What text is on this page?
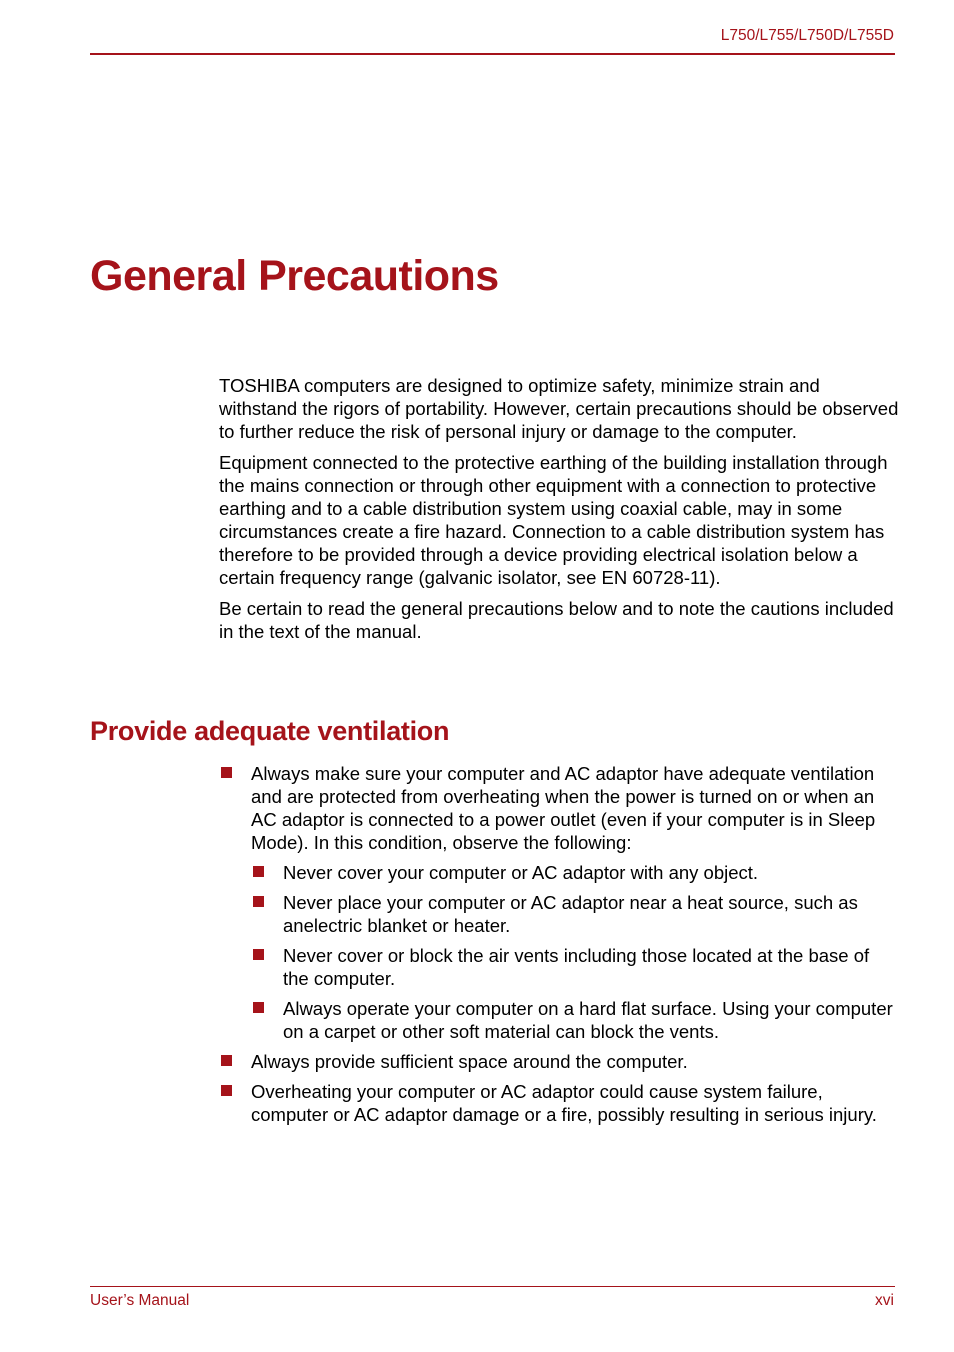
L750/L755/L750D/L755D
General Precautions

TOSHIBA computers are designed to optimize safety, minimize strain and withstand the rigors of portability. However, certain precautions should be observed to further reduce the risk of personal injury or damage to the computer.

Equipment connected to the protective earthing of the building installation through the mains connection or through other equipment with a connection to protective earthing and to a cable distribution system using coaxial cable, may in some circumstances create a fire hazard. Connection to a cable distribution system has therefore to be provided through a device providing electrical isolation below a certain frequency range (galvanic isolator, see EN 60728-11).

Be certain to read the general precautions below and to note the cautions included in the text of the manual.

Provide adequate ventilation
Always make sure your computer and AC adaptor have adequate ventilation and are protected from overheating when the power is turned on or when an AC adaptor is connected to a power outlet (even if your computer is in Sleep Mode). In this condition, observe the following:
Never cover your computer or AC adaptor with any object.
Never place your computer or AC adaptor near a heat source, such as anelectric blanket or heater.
Never cover or block the air vents including those located at the base of the computer.
Always operate your computer on a hard flat surface. Using your computer on a carpet or other soft material can block the vents.
Always provide sufficient space around the computer.
Overheating your computer or AC adaptor could cause system failure, computer or AC adaptor damage or a fire, possibly resulting in serious injury.
User’s Manual	xvi
